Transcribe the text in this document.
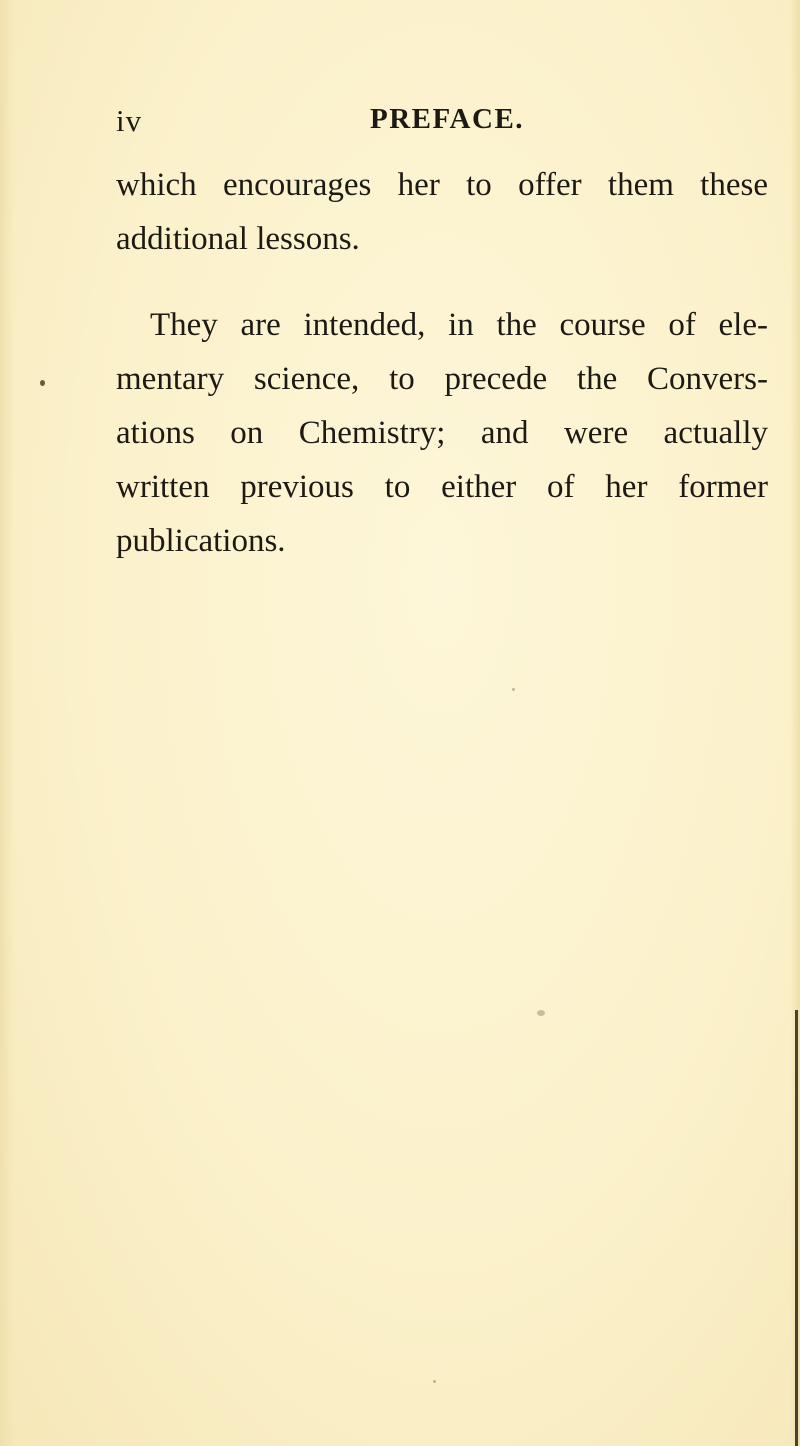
iv	PREFACE.
which encourages her to offer them these
additional lessons.
They are intended, in the course of ele-
mentary science, to precede the Convers-
ations on Chemistry; and were actually
written previous to either of her former
publications.
